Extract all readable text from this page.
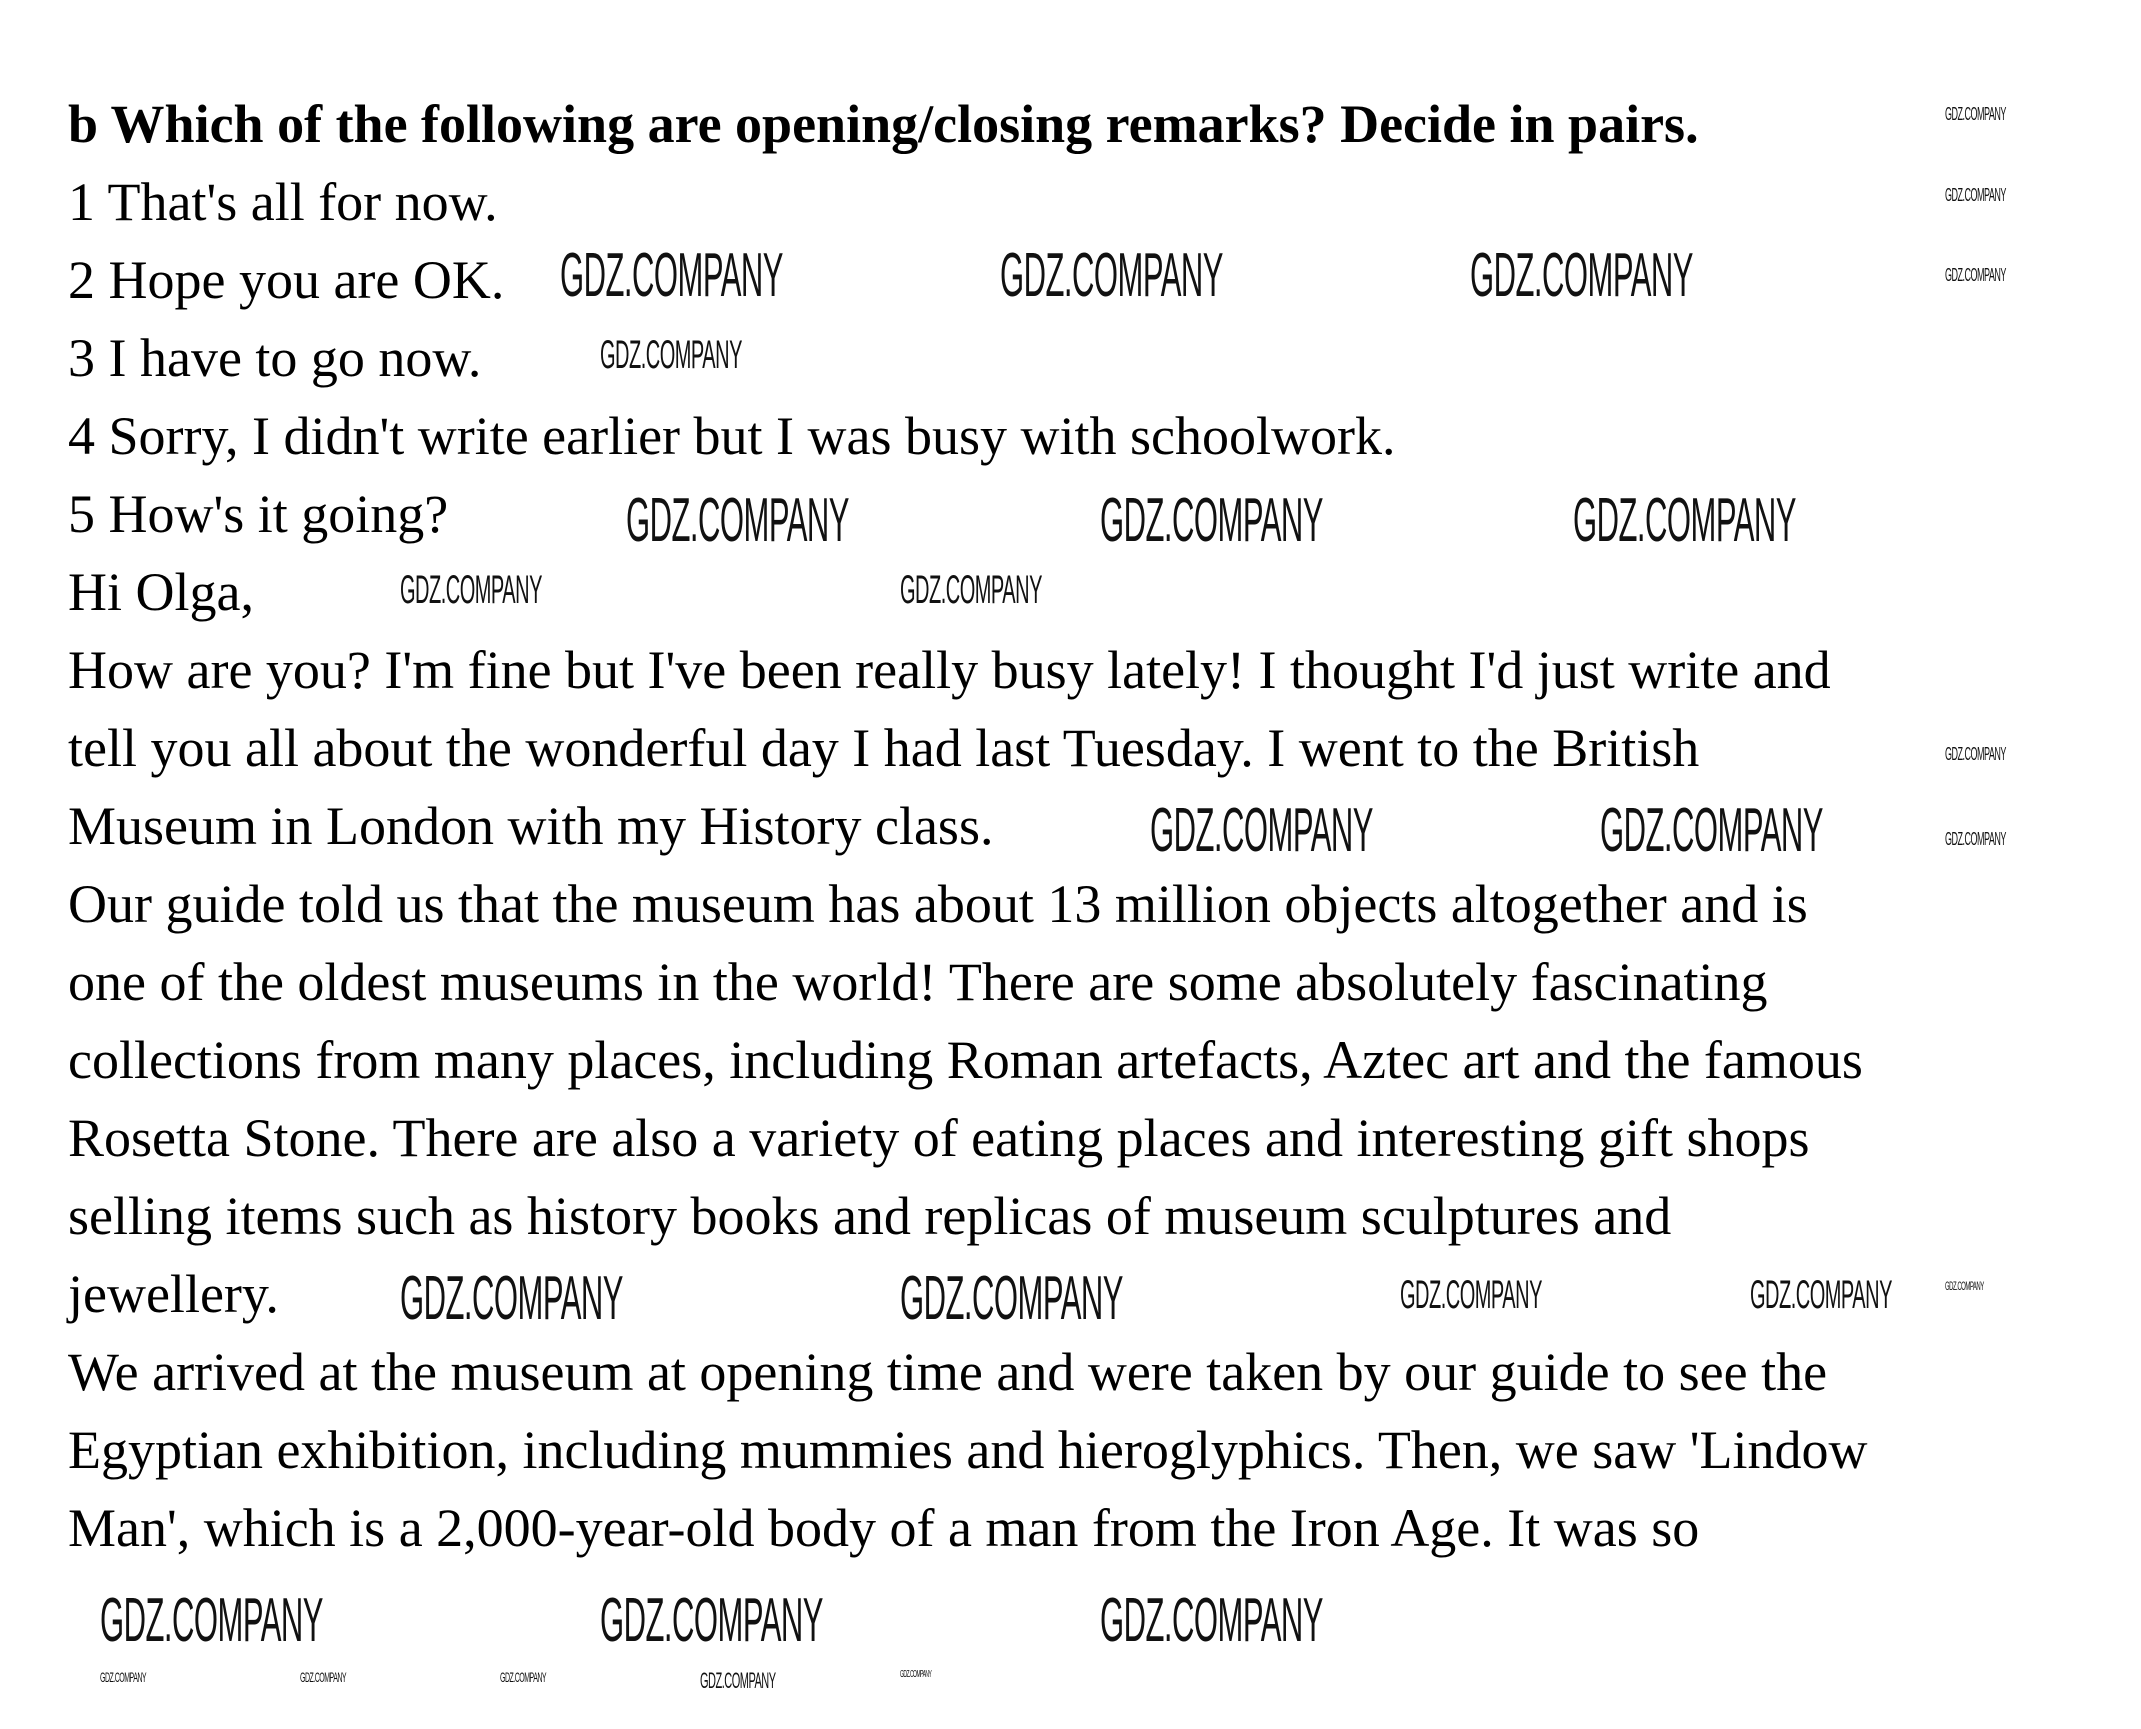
b Which of the following are opening/closing remarks? Decide in pairs.
1 That's all for now.
2 Hope you are OK.
3 I have to go now.
4 Sorry, I didn't write earlier but I was busy with schoolwork.
5 How's it going?
Hi Olga,
How are you? I'm fine but I've been really busy lately! I thought I'd just write and
tell you all about the wonderful day I had last Tuesday. I went to the British
Museum in London with my History class.
Our guide told us that the museum has about 13 million objects altogether and is
one of the oldest museums in the world! There are some absolutely fascinating
collections from many places, including Roman artefacts, Aztec art and the famous
Rosetta Stone. There are also a variety of eating places and interesting gift shops
selling items such as history books and replicas of museum sculptures and
jewellery.
We arrived at the museum at opening time and were taken by our guide to see the
Egyptian exhibition, including mummies and hieroglyphics. Then, we saw 'Lindow
Man', which is a 2,000-year-old body of a man from the Iron Age. It was so
GDZ.COMPANY	GDZ.COMPANY	GDZ.COMPANY
GDZ.COMPANY	GDZ.COMPANY	GDZ.COMPANY
GDZ.COMPANY	GDZ.COMPANY
GDZ.COMPANY	GDZ.COMPANY
GDZ.COMPANY	GDZ.COMPANY	GDZ.COMPANY
GDZ.COMPANY
GDZ.COMPANY	GDZ.COMPANY
GDZ.COMPANY	GDZ.COMPANY
GDZ.COMPANY
GDZ.COMPANY
GDZ.COMPANY
GDZ.COMPANY
GDZ.COMPANY
GDZ.COMPANY
GDZ.COMPANY	GDZ.COMPANY	GDZ.COMPANY	GDZ.COMPANY	GDZ.COMPANY
